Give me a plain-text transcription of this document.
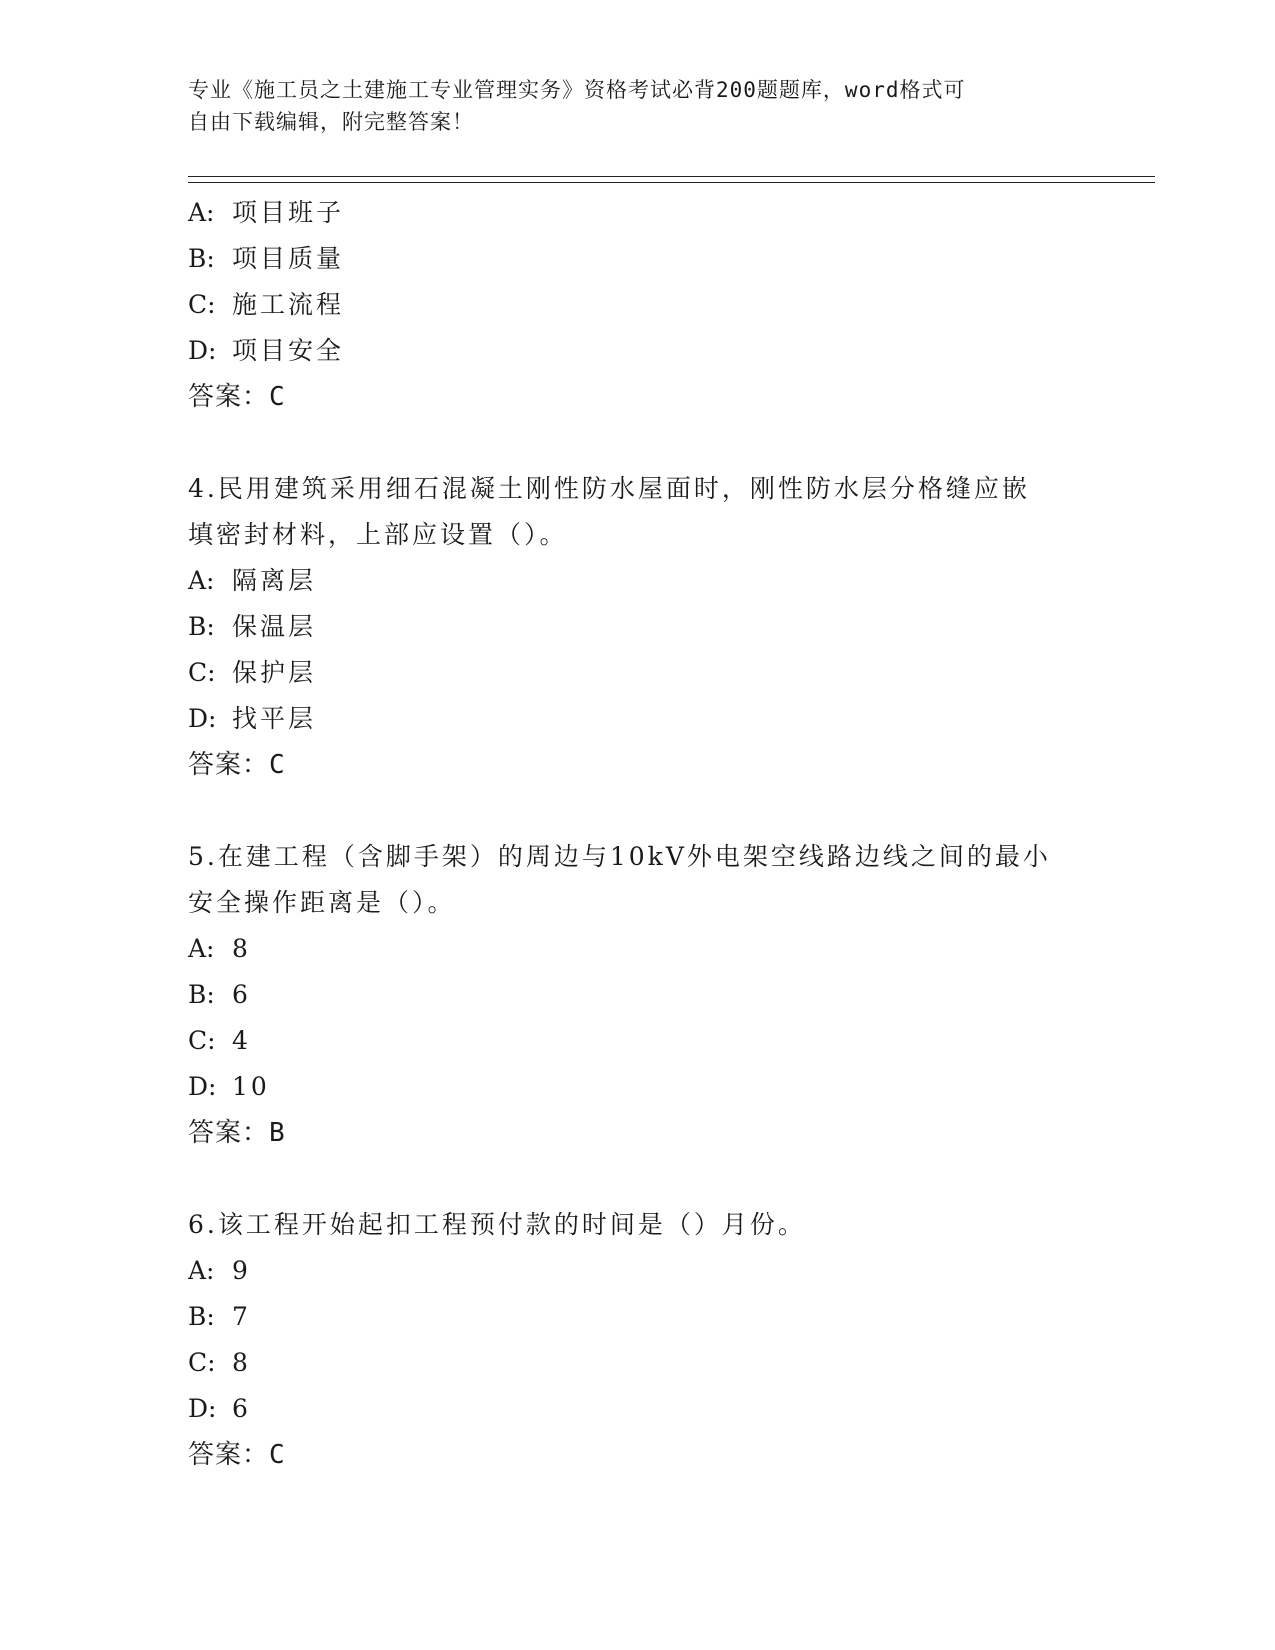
专业《施工员之土建施工专业管理实务》资格考试必背200题题库，word格式可
自由下载编辑，附完整答案！
A: 项目班子
B: 项目质量
C: 施工流程
D: 项目安全
答案：C
4.民用建筑采用细石混凝土刚性防水屋面时，刚性防水层分格缝应嵌
填密封材料，上部应设置（）。
A: 隔离层
B: 保温层
C: 保护层
D: 找平层
答案：C
5.在建工程（含脚手架）的周边与10kV外电架空线路边线之间的最小
安全操作距离是（）。
A: 8
B: 6
C: 4
D: 10
答案：B
6.该工程开始起扣工程预付款的时间是（）月份。
A: 9
B: 7
C: 8
D: 6
答案：C
